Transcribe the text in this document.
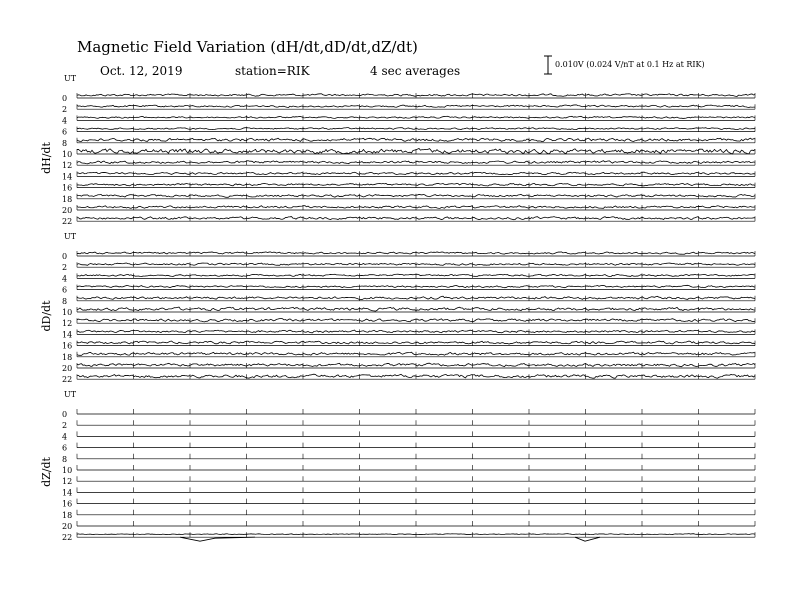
Magnetic Field Variation (dH/dt,dD/dt,dZ/dt)
Oct. 12, 2019	station=RIK	4 sec averages	0.010V (0.024 V/nT at 0.1 Hz at RIK)
UT
dH/dt
0
2
4
6
8
10
12
14
16
18
20
22
UT
dD/dt
0
2
4
6
8
10
12
14
16
18
20
22
UT
dZ/dt
0
2
4
6
8
10
12
14
16
18
20
22
